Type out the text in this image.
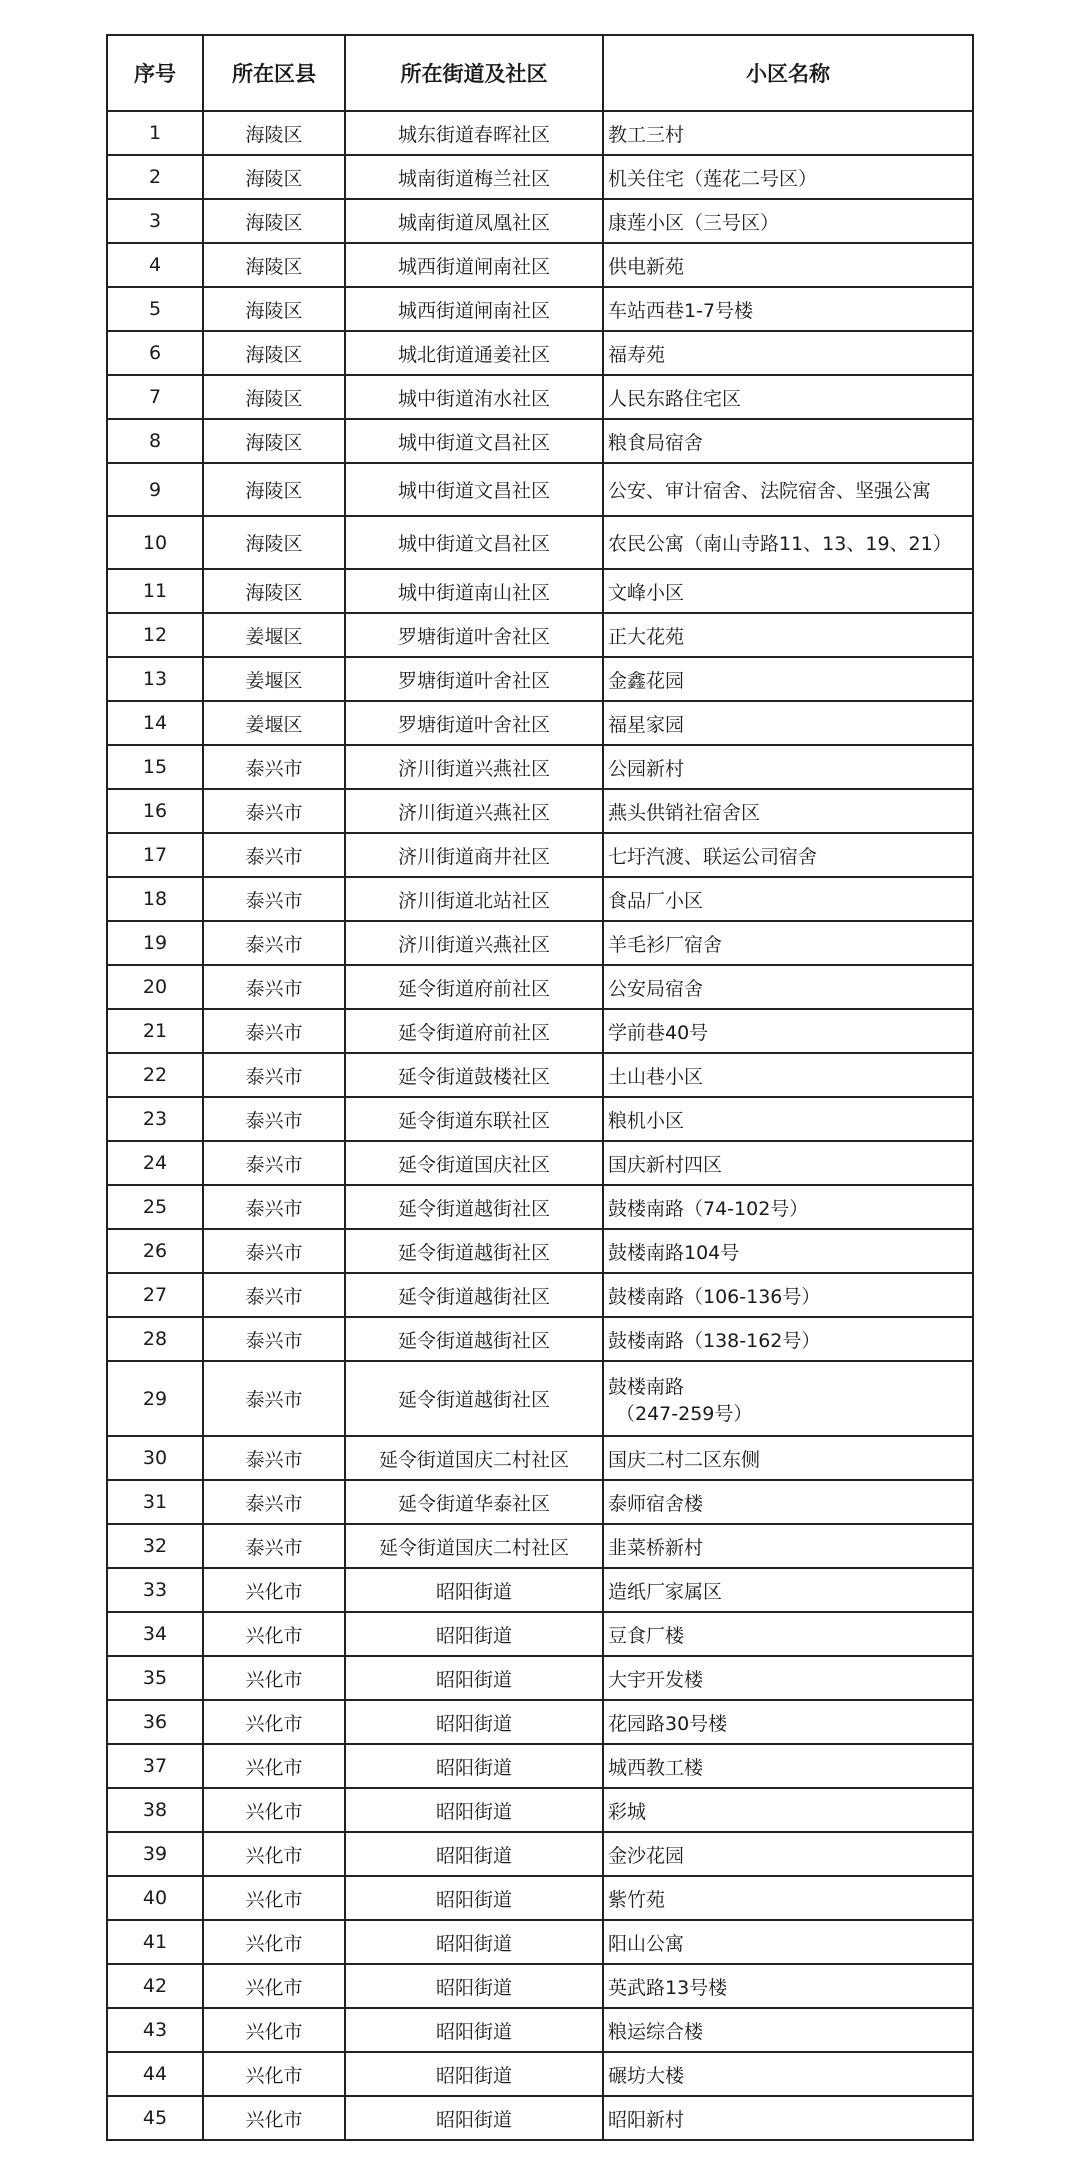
序号	所在区县	所在街道及社区	小区名称
1	海陵区	城东街道春晖社区	教工三村
2	海陵区	城南街道梅兰社区	机关住宅（莲花二号区）
3	海陵区	城南街道凤凰社区	康莲小区（三号区）
4	海陵区	城西街道闸南社区	供电新苑
5	海陵区	城西街道闸南社区	车站西巷1-7号楼
6	海陵区	城北街道通姜社区	福寿苑
7	海陵区	城中街道洧水社区	人民东路住宅区
8	海陵区	城中街道文昌社区	粮食局宿舍
9	海陵区	城中街道文昌社区	公安、审计宿舍、法院宿舍、坚强公寓
10	海陵区	城中街道文昌社区	农民公寓（南山寺路11、13、19、21）
11	海陵区	城中街道南山社区	文峰小区
12	姜堰区	罗塘街道叶舍社区	正大花苑
13	姜堰区	罗塘街道叶舍社区	金鑫花园
14	姜堰区	罗塘街道叶舍社区	福星家园
15	泰兴市	济川街道兴燕社区	公园新村
16	泰兴市	济川街道兴燕社区	燕头供销社宿舍区
17	泰兴市	济川街道商井社区	七圩汽渡、联运公司宿舍
18	泰兴市	济川街道北站社区	食品厂小区
19	泰兴市	济川街道兴燕社区	羊毛衫厂宿舍
20	泰兴市	延令街道府前社区	公安局宿舍
21	泰兴市	延令街道府前社区	学前巷40号
22	泰兴市	延令街道鼓楼社区	土山巷小区
23	泰兴市	延令街道东联社区	粮机小区
24	泰兴市	延令街道国庆社区	国庆新村四区
25	泰兴市	延令街道越街社区	鼓楼南路（74-102号）
26	泰兴市	延令街道越街社区	鼓楼南路104号
27	泰兴市	延令街道越街社区	鼓楼南路（106-136号）
28	泰兴市	延令街道越街社区	鼓楼南路（138-162号）
29	泰兴市	延令街道越街社区	鼓楼南路
（247-259号）

30	泰兴市	延令街道国庆二村社区	国庆二村二区东侧
31	泰兴市	延令街道华泰社区	泰师宿舍楼
32	泰兴市	延令街道国庆二村社区	韭菜桥新村
33	兴化市	昭阳街道	造纸厂家属区
34	兴化市	昭阳街道	豆食厂楼
35	兴化市	昭阳街道	大宇开发楼
36	兴化市	昭阳街道	花园路30号楼
37	兴化市	昭阳街道	城西教工楼
38	兴化市	昭阳街道	彩城
39	兴化市	昭阳街道	金沙花园
40	兴化市	昭阳街道	紫竹苑
41	兴化市	昭阳街道	阳山公寓
42	兴化市	昭阳街道	英武路13号楼
43	兴化市	昭阳街道	粮运综合楼
44	兴化市	昭阳街道	碾坊大楼
45	兴化市	昭阳街道	昭阳新村
